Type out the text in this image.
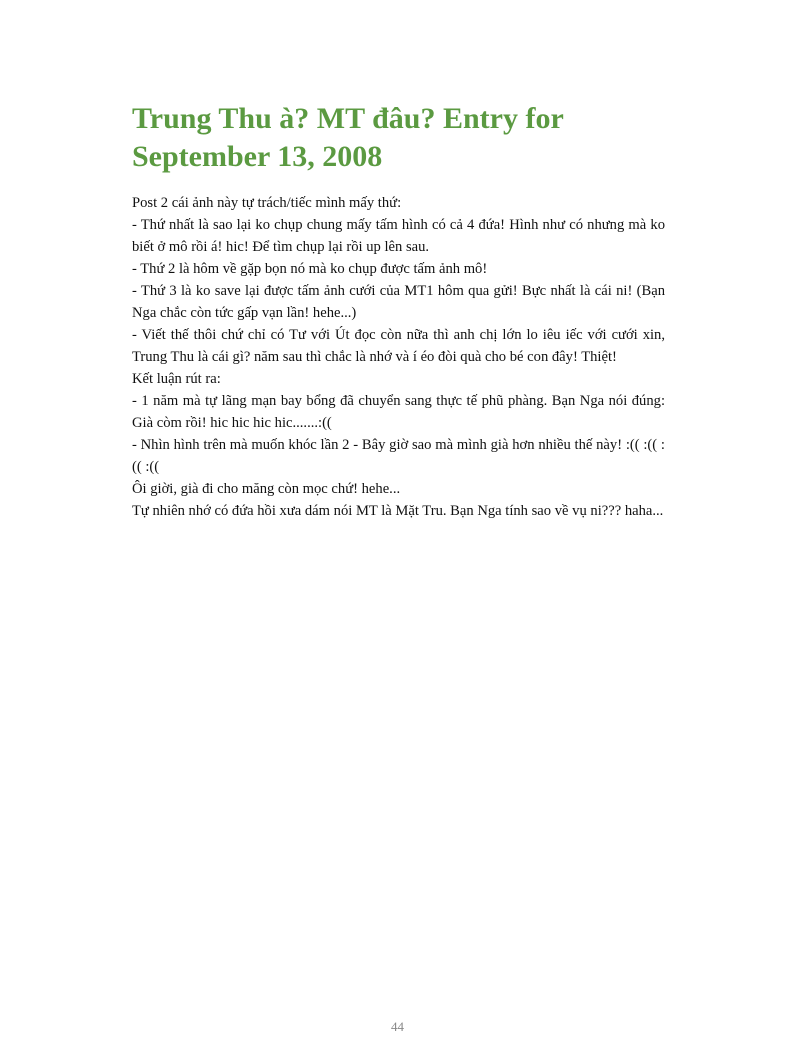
Trung Thu à? MT đâu? Entry for September 13, 2008

Post 2 cái ảnh này tự trách/tiếc mình mấy thứ:

- Thứ nhất là sao lại ko chụp chung mấy tấm hình có cả 4 đứa! Hình như có nhưng mà ko biết ở mô rồi á! hic! Để tìm chụp lại rồi up lên sau.

- Thứ 2 là hôm về gặp bọn nó mà ko chụp được tấm ảnh mô!

- Thứ 3 là ko save lại được tấm ảnh cưới của MT1 hôm qua gửi! Bực nhất là cái ni! (Bạn Nga chắc còn tức gấp vạn lần! hehe...)

- Viết thế thôi chứ chỉ có Tư với Út đọc còn nữa thì anh chị lớn lo iêu iếc với cưới xin, Trung Thu là cái gì? năm sau thì chắc là nhớ và í éo đòi quà cho bé con đây! Thiệt!

Kết luận rút ra:

- 1 năm mà tự lãng mạn bay bổng đã chuyển sang thực tế phũ phàng. Bạn Nga nói đúng: Già còm rồi! hic hic hic hic.......:((

- Nhìn hình trên mà muốn khóc lần 2 - Bây giờ sao mà mình già hơn nhiều thế này! :(( :(( :(( :((

Ôi giời, già đi cho măng còn mọc chứ! hehe...

Tự nhiên nhớ có đứa hồi xưa dám nói MT là Mặt Tru. Bạn Nga tính sao về vụ ni??? haha...

44
